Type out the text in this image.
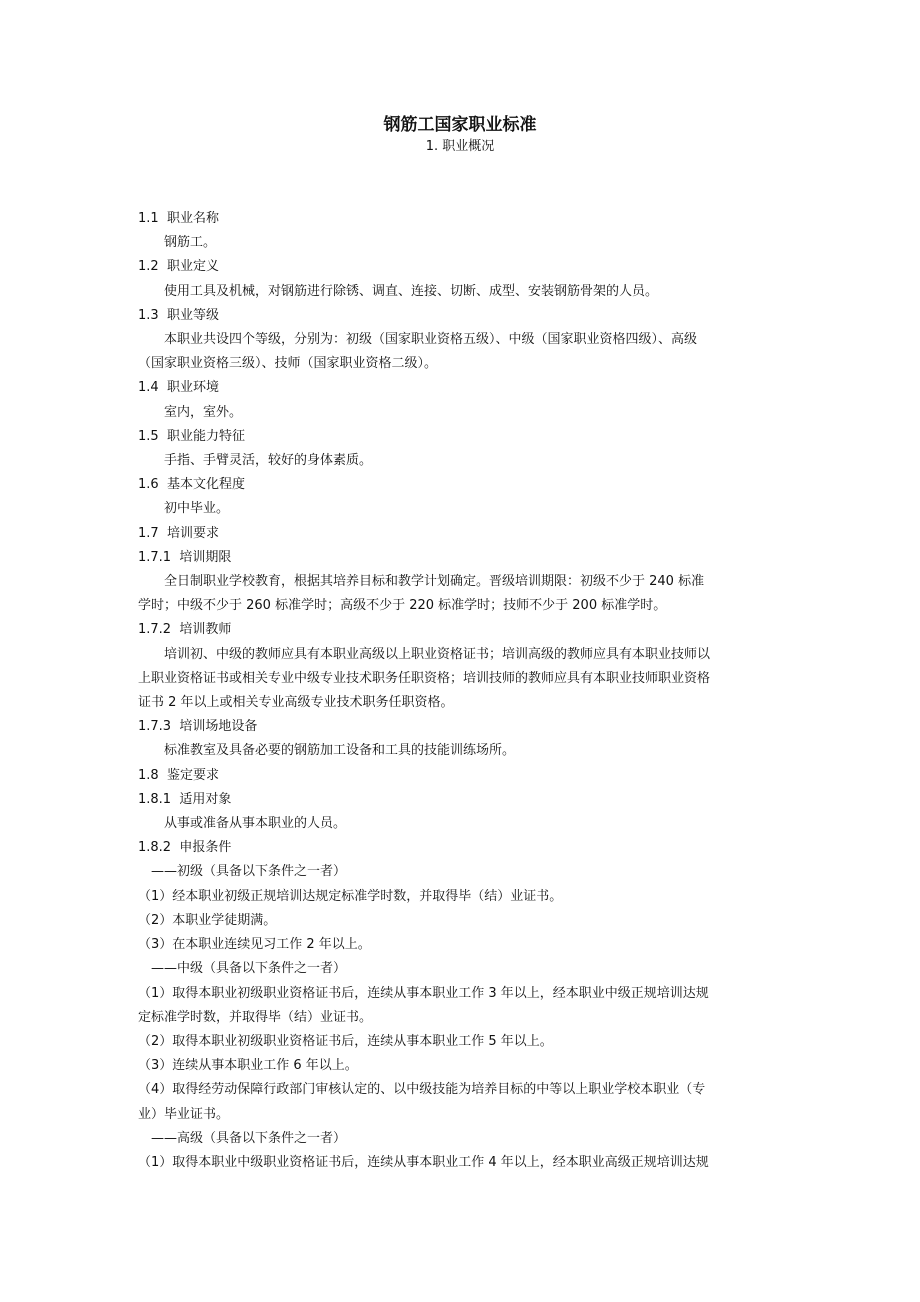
钢筋工国家职业标准
1. 职业概况
1.1  职业名称
钢筋工。
1.2  职业定义
使用工具及机械，对钢筋进行除锈、调直、连接、切断、成型、安装钢筋骨架的人员。
1.3  职业等级
本职业共设四个等级，分别为：初级（国家职业资格五级）、中级（国家职业资格四级）、高级
（国家职业资格三级）、技师（国家职业资格二级）。
1.4  职业环境
室内，室外。
1.5  职业能力特征
手指、手臂灵活，较好的身体素质。
1.6  基本文化程度
初中毕业。
1.7  培训要求
1.7.1  培训期限
全日制职业学校教育，根据其培养目标和教学计划确定。晋级培训期限：初级不少于 240 标准
学时；中级不少于 260 标准学时；高级不少于 220 标准学时；技师不少于 200 标准学时。
1.7.2  培训教师
培训初、中级的教师应具有本职业高级以上职业资格证书；培训高级的教师应具有本职业技师以
上职业资格证书或相关专业中级专业技术职务任职资格；培训技师的教师应具有本职业技师职业资格
证书 2 年以上或相关专业高级专业技术职务任职资格。
1.7.3  培训场地设备
标准教室及具备必要的钢筋加工设备和工具的技能训练场所。
1.8  鉴定要求
1.8.1  适用对象
从事或准备从事本职业的人员。
1.8.2  申报条件
——初级（具备以下条件之一者）
（1）经本职业初级正规培训达规定标准学时数，并取得毕（结）业证书。
（2）本职业学徒期满。
（3）在本职业连续见习工作 2 年以上。
——中级（具备以下条件之一者）
（1）取得本职业初级职业资格证书后，连续从事本职业工作 3 年以上，经本职业中级正规培训达规
定标准学时数，并取得毕（结）业证书。
（2）取得本职业初级职业资格证书后，连续从事本职业工作 5 年以上。
（3）连续从事本职业工作 6 年以上。
（4）取得经劳动保障行政部门审核认定的、以中级技能为培养目标的中等以上职业学校本职业（专
业）毕业证书。
——高级（具备以下条件之一者）
（1）取得本职业中级职业资格证书后，连续从事本职业工作 4 年以上，经本职业高级正规培训达规
